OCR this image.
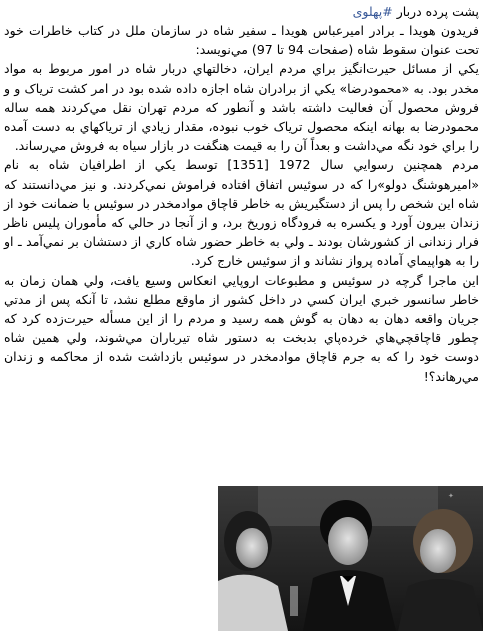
پشت پرده دربار #پهلوی

فریدون هویدا ـ برادر امیرعباس هویدا ـ سفیر شاه در سازمان ملل در کتاب خاطرات خود تحت عنوان سقوط شاه (صفحات 94 تا 97) مي‌نويسد:

يکي از مسائل حيرت‌انگيز براي مردم ايران، دخالتهاي دربار شاه در امور مربوط به مواد مخدر بود. به «محمودرضا» يکي از برادران شاه اجازه داده شده بود در امر کشت ترياک و و فروش محصول آن فعاليت داشته باشد و آنطور که مردم تهران نقل مي‌کردند همه ساله محمودرضا به بهانه اينکه محصول ترياک خوب نبوده، مقدار زيادي از ترياکهاي به دست آمده را براي خود نگه مي‌داشت و بعداً آن را به قيمت هنگفت در بازار سياه به فروش مي‌رساند.

مردم همچنين رسوايي سال 1972 [1351] توسط يکي از اطرافيان شاه به نام «اميرهوشنگ دولو»را که در سوئيس اتفاق افتاده فراموش نمي‌کردند. و نيز مي‌دانستند که شاه اين شخص را پس از دستگيريش به خاطر قاچاق موادمخدر در سوئيس با ضمانت خود از زندان بيرون آورد و يکسره به فرودگاه زوريخ برد، و از آنجا در حالي که مأموران پليس ناظر فرار زندانی از کشورشان بودند ـ ولي به خاطر حضور شاه کاري از دستشان بر نمي‌آمد ـ او را به هواپيماي آماده پرواز نشاند و از سوئيس خارج کرد.

اين ماجرا گرچه در سوئيس و مطبوعات اروپايي انعکاس وسيع يافت، ولي همان زمان به خاطر سانسور خبري ايران کسي در داخل کشور از ماوقع مطلع نشد، تا آنکه پس از مدتي جريان واقعه دهان به دهان به گوش همه رسيد و مردم را از اين مسأله حيرت‌زده کرد که چطور قاچاقچي‌هاي خرده‌پاي بدبخت به دستور شاه تيرباران مي‌شوند، ولي همين شاه دوست خود را که به جرم قاچاق موادمخدر در سوئيس بازداشت شده از محاکمه و زندان مي‌رهاند؟!

✦
